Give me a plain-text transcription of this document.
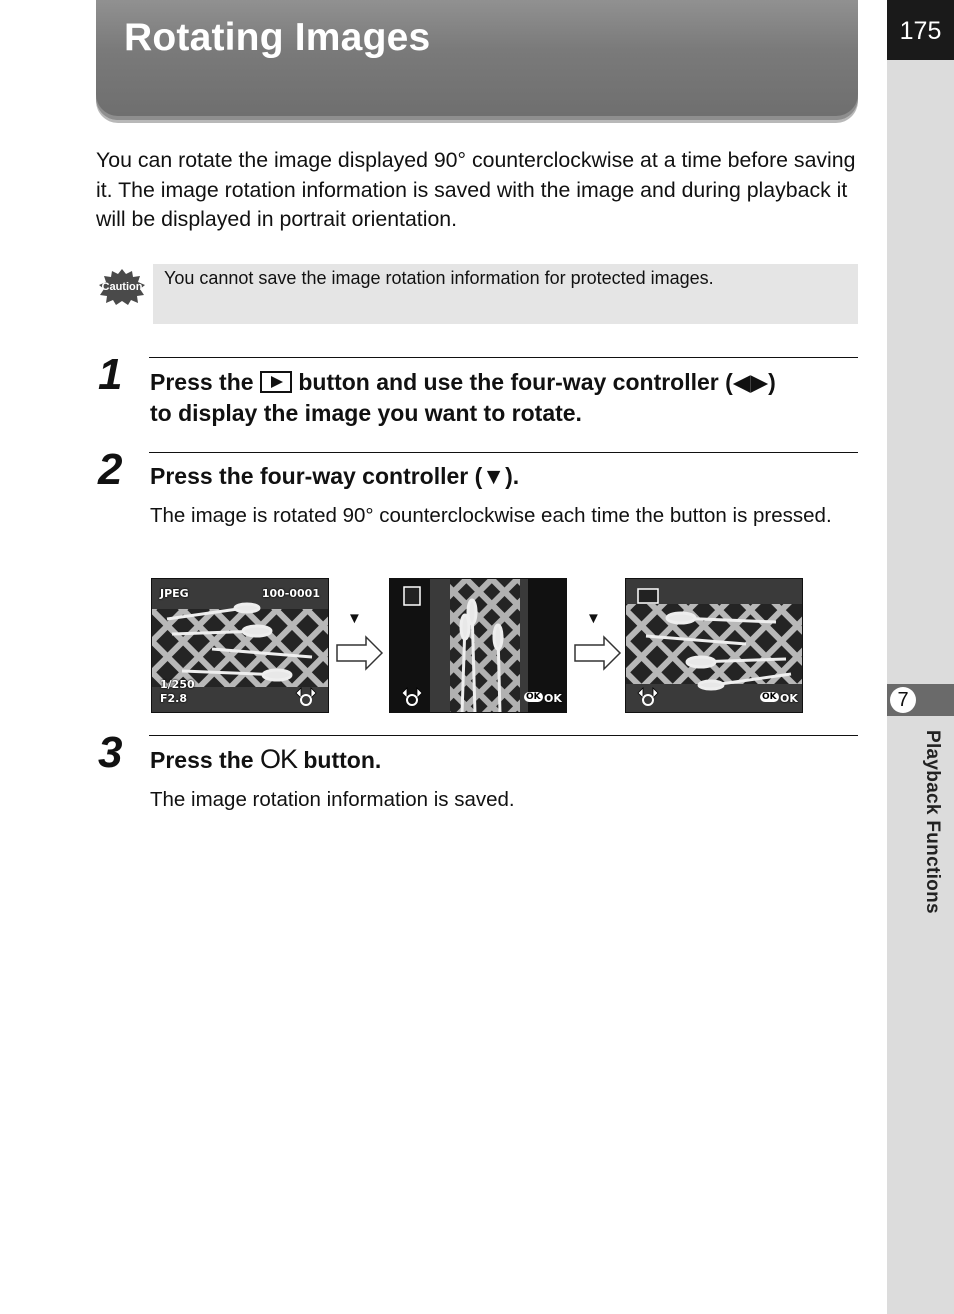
175
7
Playback Functions
Rotating Images
You can rotate the image displayed 90° counterclockwise at a time before saving it. The image rotation information is saved with the image and during playback it will be displayed in portrait orientation.
Caution You cannot save the image rotation information for protected images.
1 Press the button and use the four-way controller (◀▶)
to display the image you want to rotate.
2 Press the four-way controller (▼).
The image is rotated 90° counterclockwise each time the button is pressed.
JPEG	100-0001
1/250
F2.8
▼
OK OK
▼
OK OK
3 Press the OK button.
The image rotation information is saved.
